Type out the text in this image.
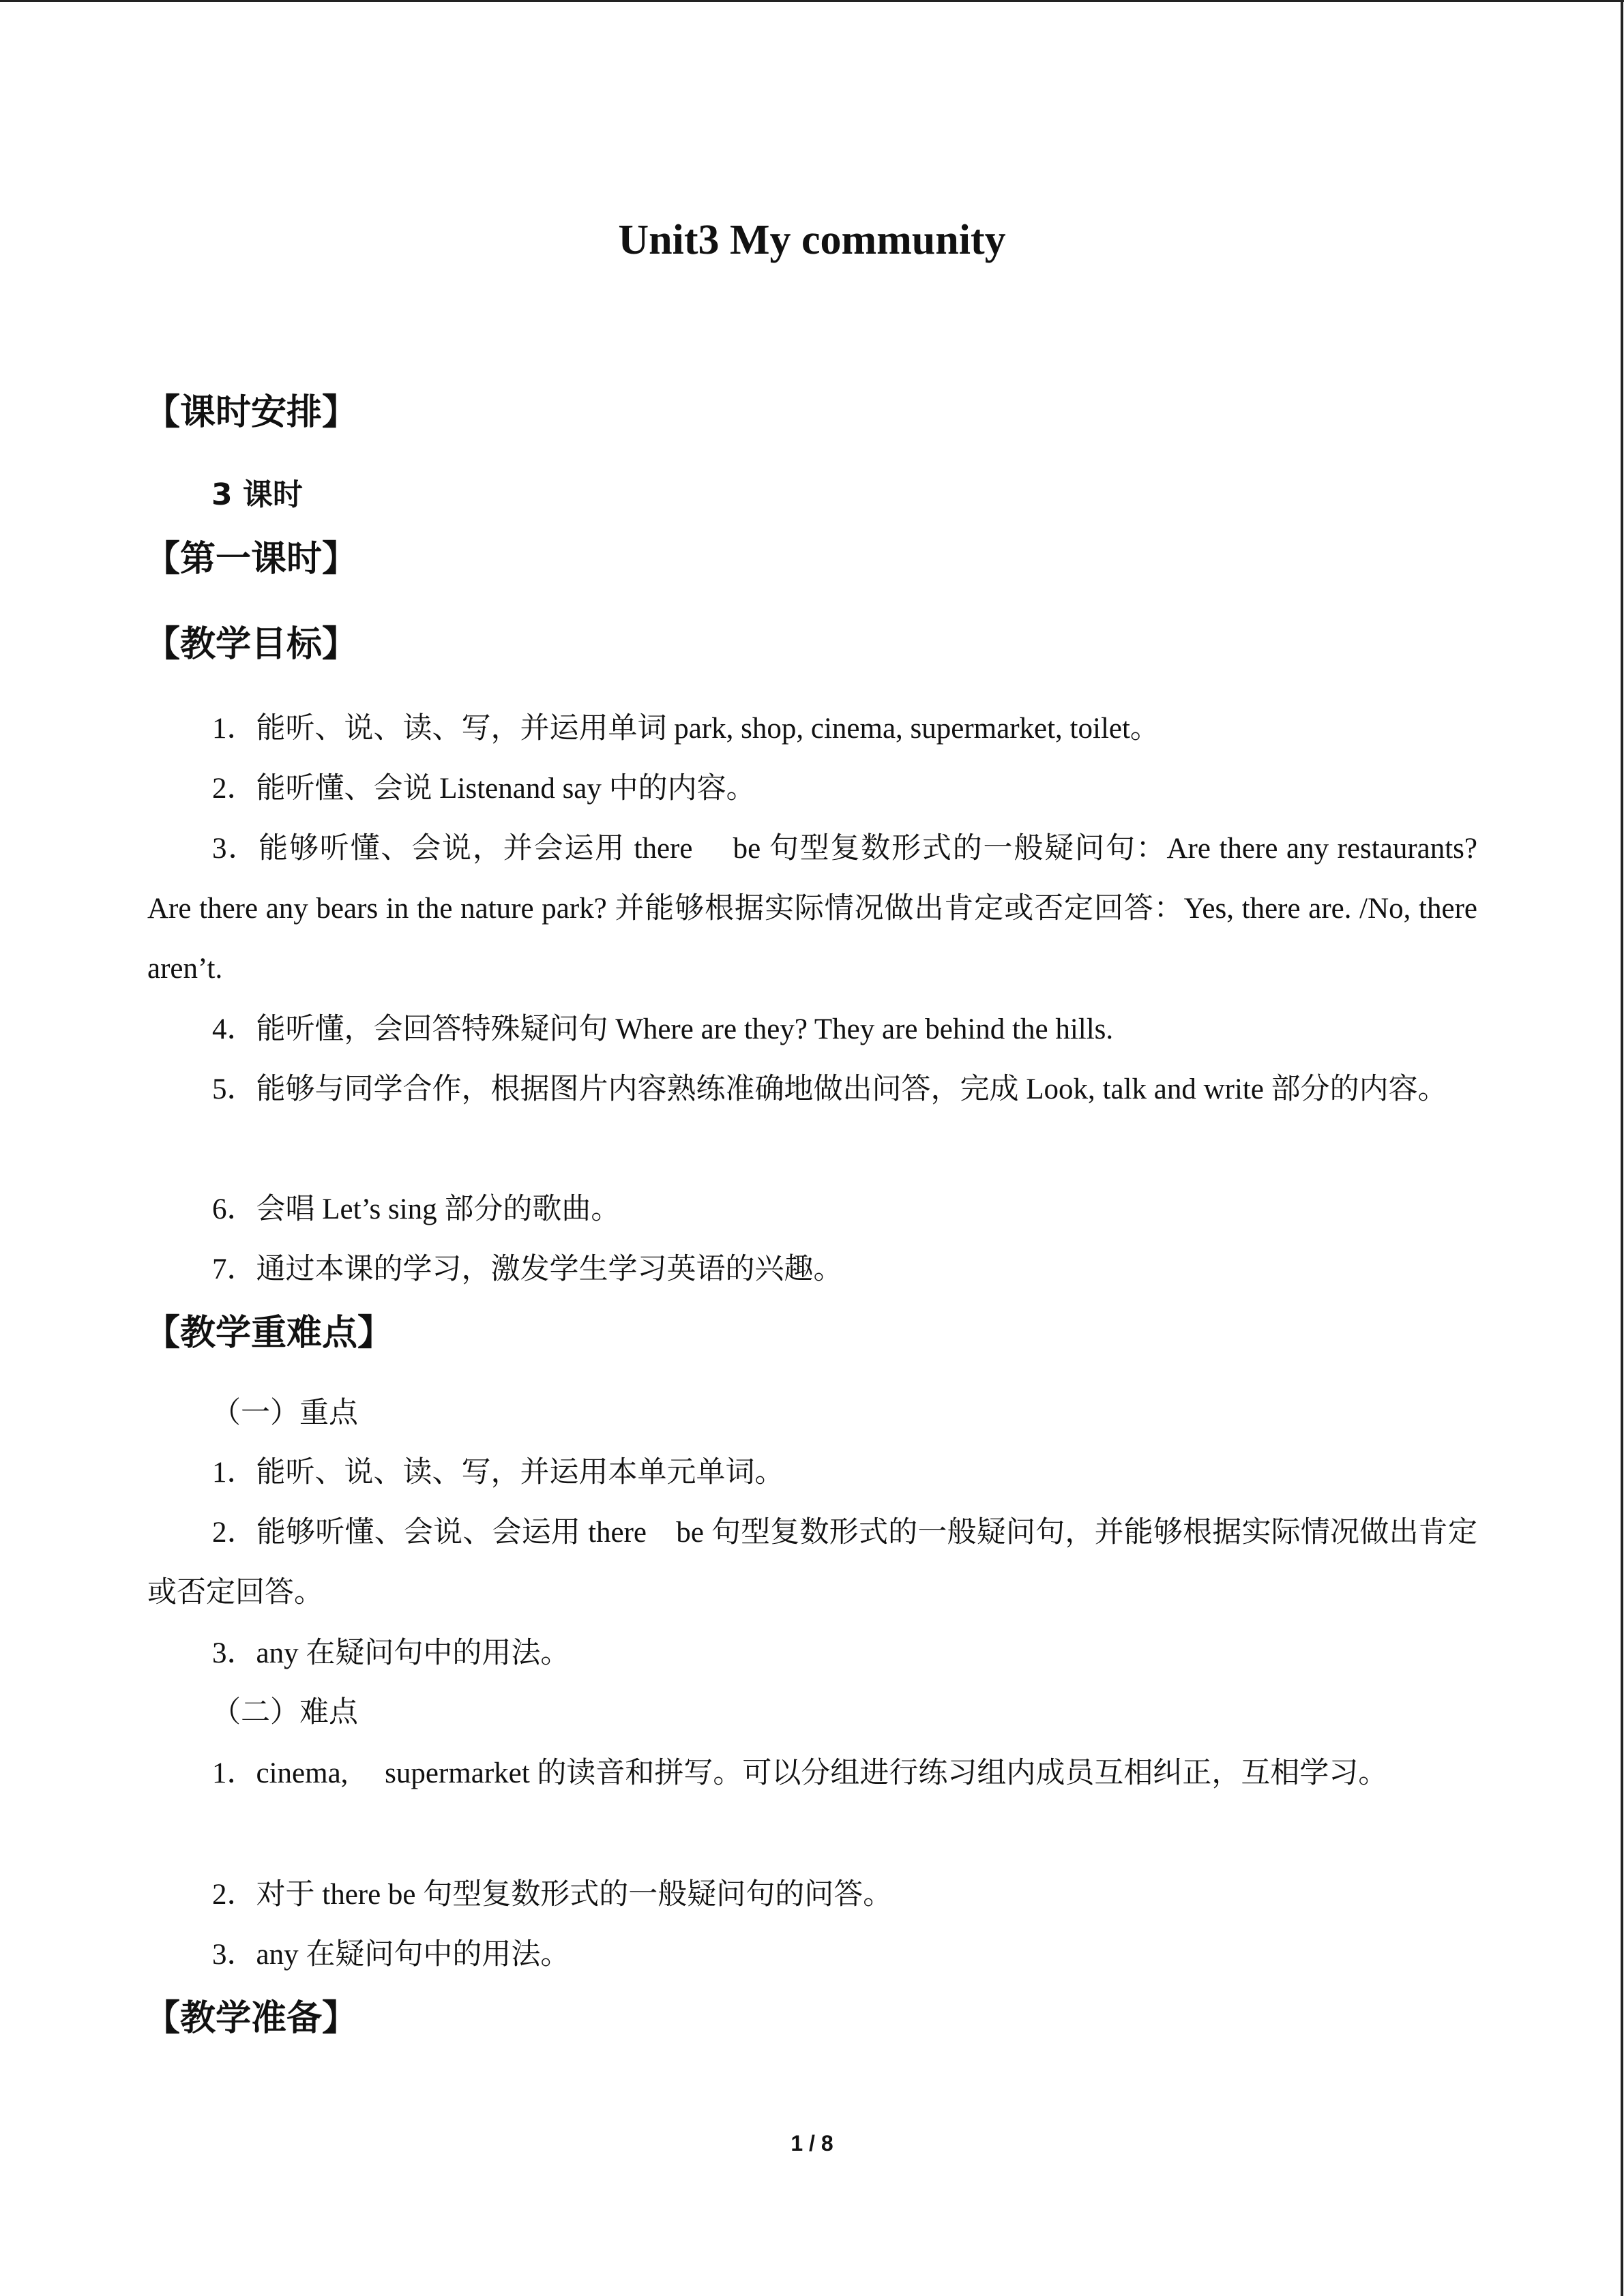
Unit3 My community
【课时安排】
3 课时
【第一课时】
【教学目标】
1．能听、说、读、写，并运用单词 park, shop, cinema, supermarket, toilet。
2．能听懂、会说 Listenand say 中的内容。
3．能够听懂、会说，并会运用 there　 be 句型复数形式的一般疑问句：Are there any restaurants? Are there any bears in the nature park? 并能够根据实际情况做出肯定或否定回答：Yes, there are. /No, there aren’t.
4．能听懂，会回答特殊疑问句 Where are they? They are behind the hills.
5．能够与同学合作，根据图片内容熟练准确地做出问答，完成 Look, talk and write 部分的内容。
6．会唱 Let’s sing 部分的歌曲。
7．通过本课的学习，激发学生学习英语的兴趣。
【教学重难点】
（一）重点
1．能听、说、读、写，并运用本单元单词。
2．能够听懂、会说、会运用 there　be 句型复数形式的一般疑问句，并能够根据实际情况做出肯定或否定回答。
3．any 在疑问句中的用法。
（二）难点
1．cinema,　 supermarket 的读音和拼写。可以分组进行练习组内成员互相纠正，互相学习。
2．对于 there be 句型复数形式的一般疑问句的问答。
3．any 在疑问句中的用法。
【教学准备】
1 / 8
